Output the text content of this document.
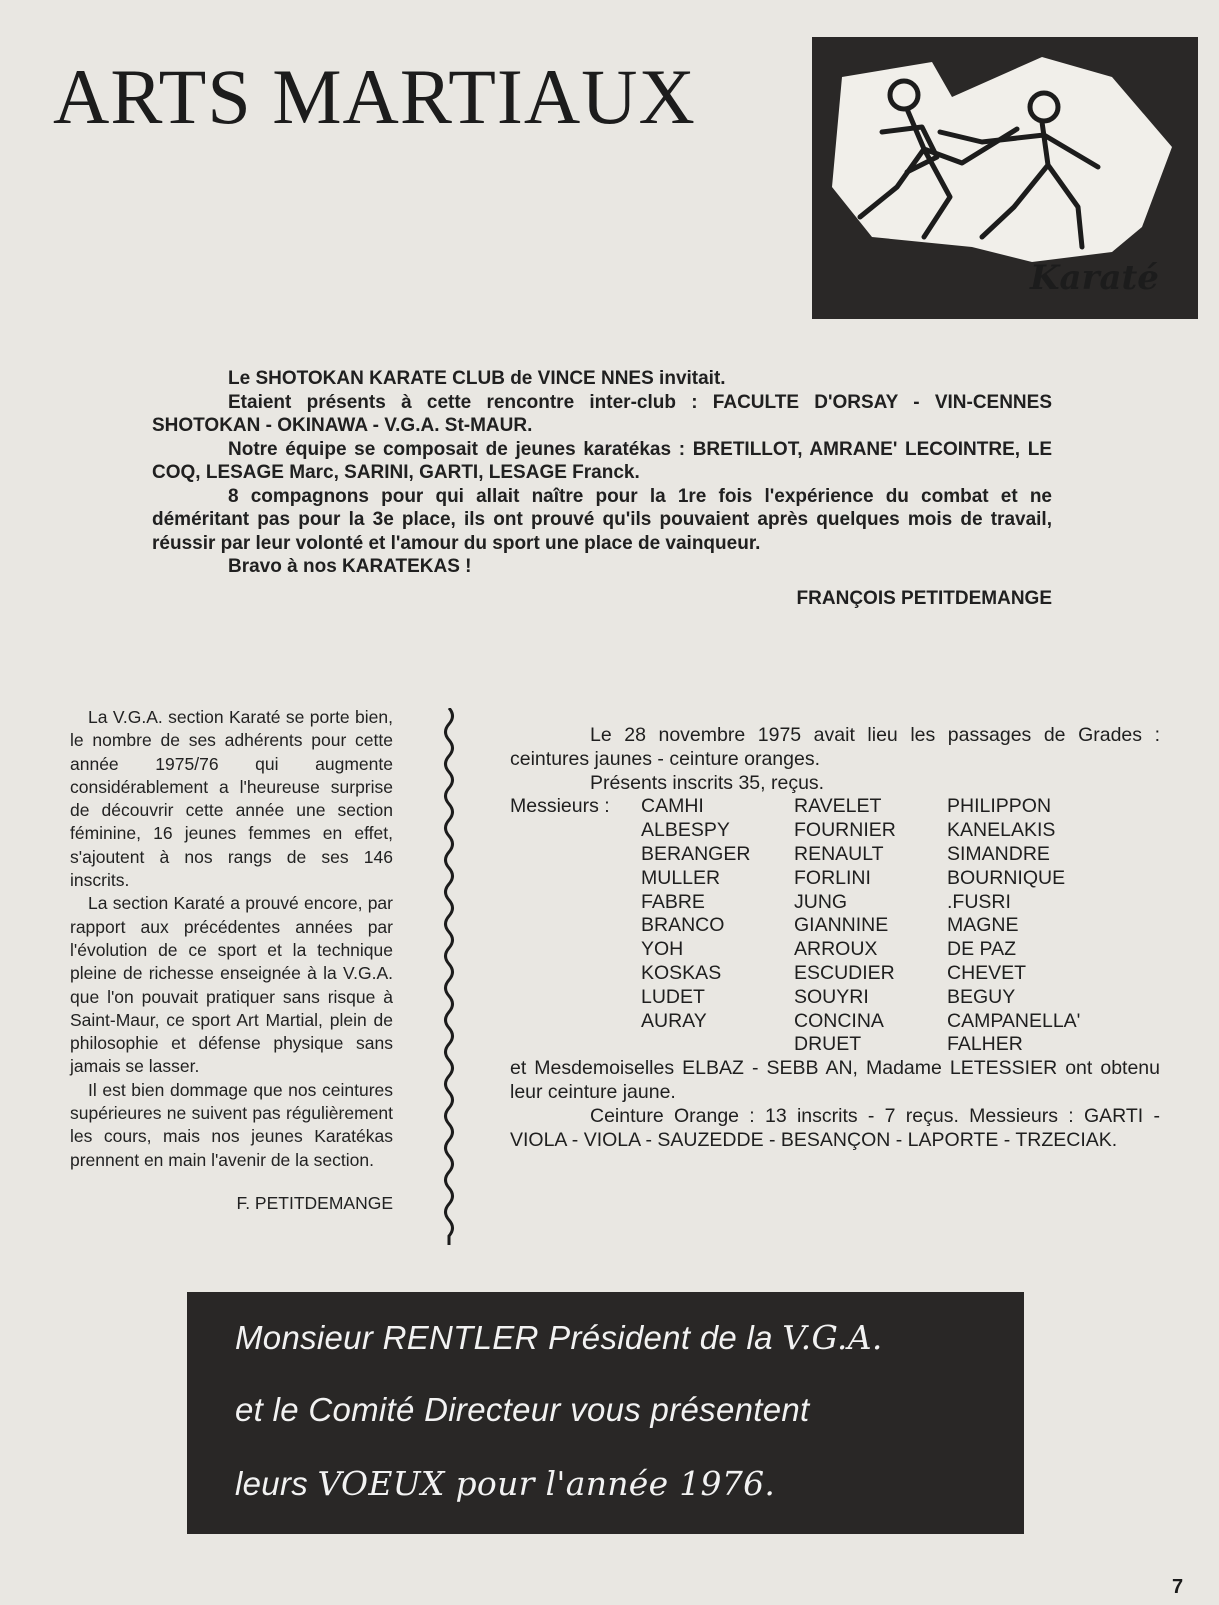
ARTS MARTIAUX
Karaté

Le SHOTOKAN KARATE CLUB de VINCE NNES invitait.

Etaient présents à cette rencontre inter-club : FACULTE D'ORSAY - VIN-CENNES SHOTOKAN - OKINAWA - V.G.A. St-MAUR.

Notre équipe se composait de jeunes karatékas : BRETILLOT, AMRANE' LECOINTRE, LE COQ, LESAGE Marc, SARINI, GARTI, LESAGE Franck.

8 compagnons pour qui allait naître pour la 1re fois l'expérience du combat et ne déméritant pas pour la 3e place, ils ont prouvé qu'ils pouvaient après quelques mois de travail, réussir par leur volonté et l'amour du sport une place de vainqueur.

Bravo à nos KARATEKAS !

FRANÇOIS PETITDEMANGE

La V.G.A. section Karaté se porte bien, le nombre de ses adhérents pour cette année 1975/76 qui augmente considérablement a l'heureuse surprise de découvrir cette année une section féminine, 16 jeunes femmes en effet, s'ajoutent à nos rangs de ses 146 inscrits.

La section Karaté a prouvé encore, par rapport aux précédentes années par l'évolution de ce sport et la technique pleine de richesse enseignée à la V.G.A. que l'on pouvait pratiquer sans risque à Saint-Maur, ce sport Art Martial, plein de philosophie et défense physique sans jamais se lasser.

Il est bien dommage que nos ceintures supérieures ne suivent pas régulièrement les cours, mais nos jeunes Karatékas prennent en main l'avenir de la section.

F. PETITDEMANGE

Le 28 novembre 1975 avait lieu les passages de Grades : ceintures jaunes - ceinture oranges.

Présents inscrits 35, reçus.

Messieurs :	CAMHI
ALBESPY
BERANGER
MULLER
FABRE
BRANCO
YOH
KOSKAS
LUDET
AURAY
RAVELET
FOURNIER
RENAULT
FORLINI
JUNG
GIANNINE
ARROUX
ESCUDIER
SOUYRI
CONCINA
DRUET
PHILIPPON
KANELAKIS
SIMANDRE
BOURNIQUE
.FUSRI
MAGNE
DE PAZ
CHEVET
BEGUY
CAMPANELLA'
FALHER

et Mesdemoiselles ELBAZ - SEBB AN, Madame LETESSIER ont obtenu leur ceinture jaune.

Ceinture Orange : 13 inscrits - 7 reçus. Messieurs : GARTI - VIOLA - VIOLA - SAUZEDDE - BESANÇON - LAPORTE - TRZECIAK.

Monsieur RENTLER Président de la V.G.A.
et le Comité Directeur vous présentent
leurs VOEUX pour l'année 1976.
7
